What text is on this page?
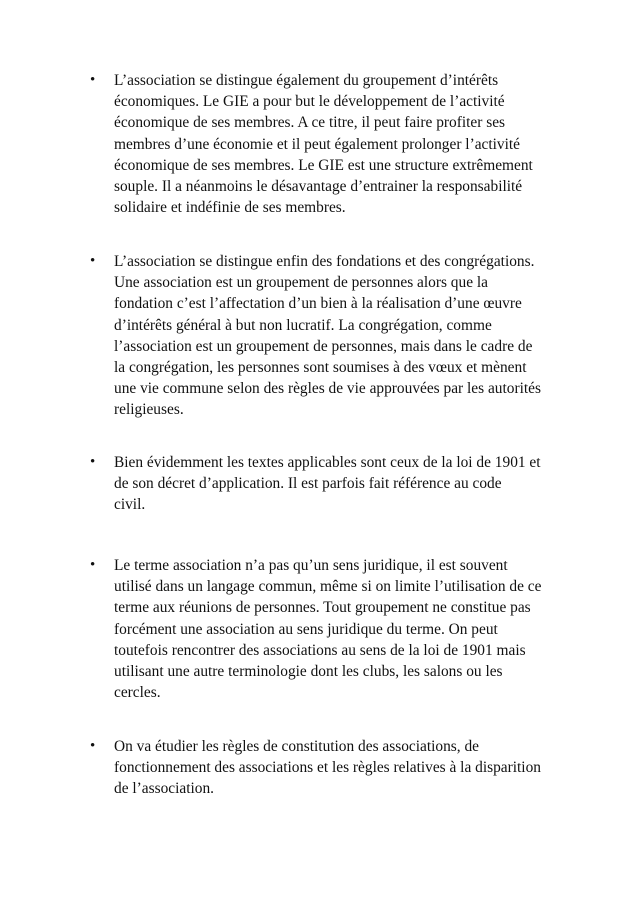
•	L’association se distingue également du groupement d’intérêts
économiques. Le GIE a pour but le développement de l’activité
économique de ses membres. A ce titre, il peut faire profiter ses
membres d’une économie et il peut également prolonger l’activité
économique de ses membres. Le GIE est une structure extrêmement
souple. Il a néanmoins le désavantage d’entrainer la responsabilité
solidaire et indéfinie de ses membres.
•	L’association se distingue enfin des fondations et des congrégations.
Une association est un groupement de personnes alors que la
fondation c’est l’affectation d’un bien à la réalisation d’une œuvre
d’intérêts général à but non lucratif. La congrégation, comme
l’association est un groupement de personnes, mais dans le cadre de
la congrégation, les personnes sont soumises à des vœux et mènent
une vie commune selon des règles de vie approuvées par les autorités
religieuses.
•	Bien évidemment les textes applicables sont ceux de la loi de 1901 et
de son décret d’application. Il est parfois fait référence au code
civil.
•	Le terme association n’a pas qu’un sens juridique, il est souvent
utilisé dans un langage commun, même si on limite l’utilisation de ce
terme aux réunions de personnes. Tout groupement ne constitue pas
forcément une association au sens juridique du terme. On peut
toutefois rencontrer des associations au sens de la loi de 1901 mais
utilisant une autre terminologie dont les clubs, les salons ou les
cercles.
•	On va étudier les règles de constitution des associations, de
fonctionnement des associations et les règles relatives à la disparition
de l’association.
